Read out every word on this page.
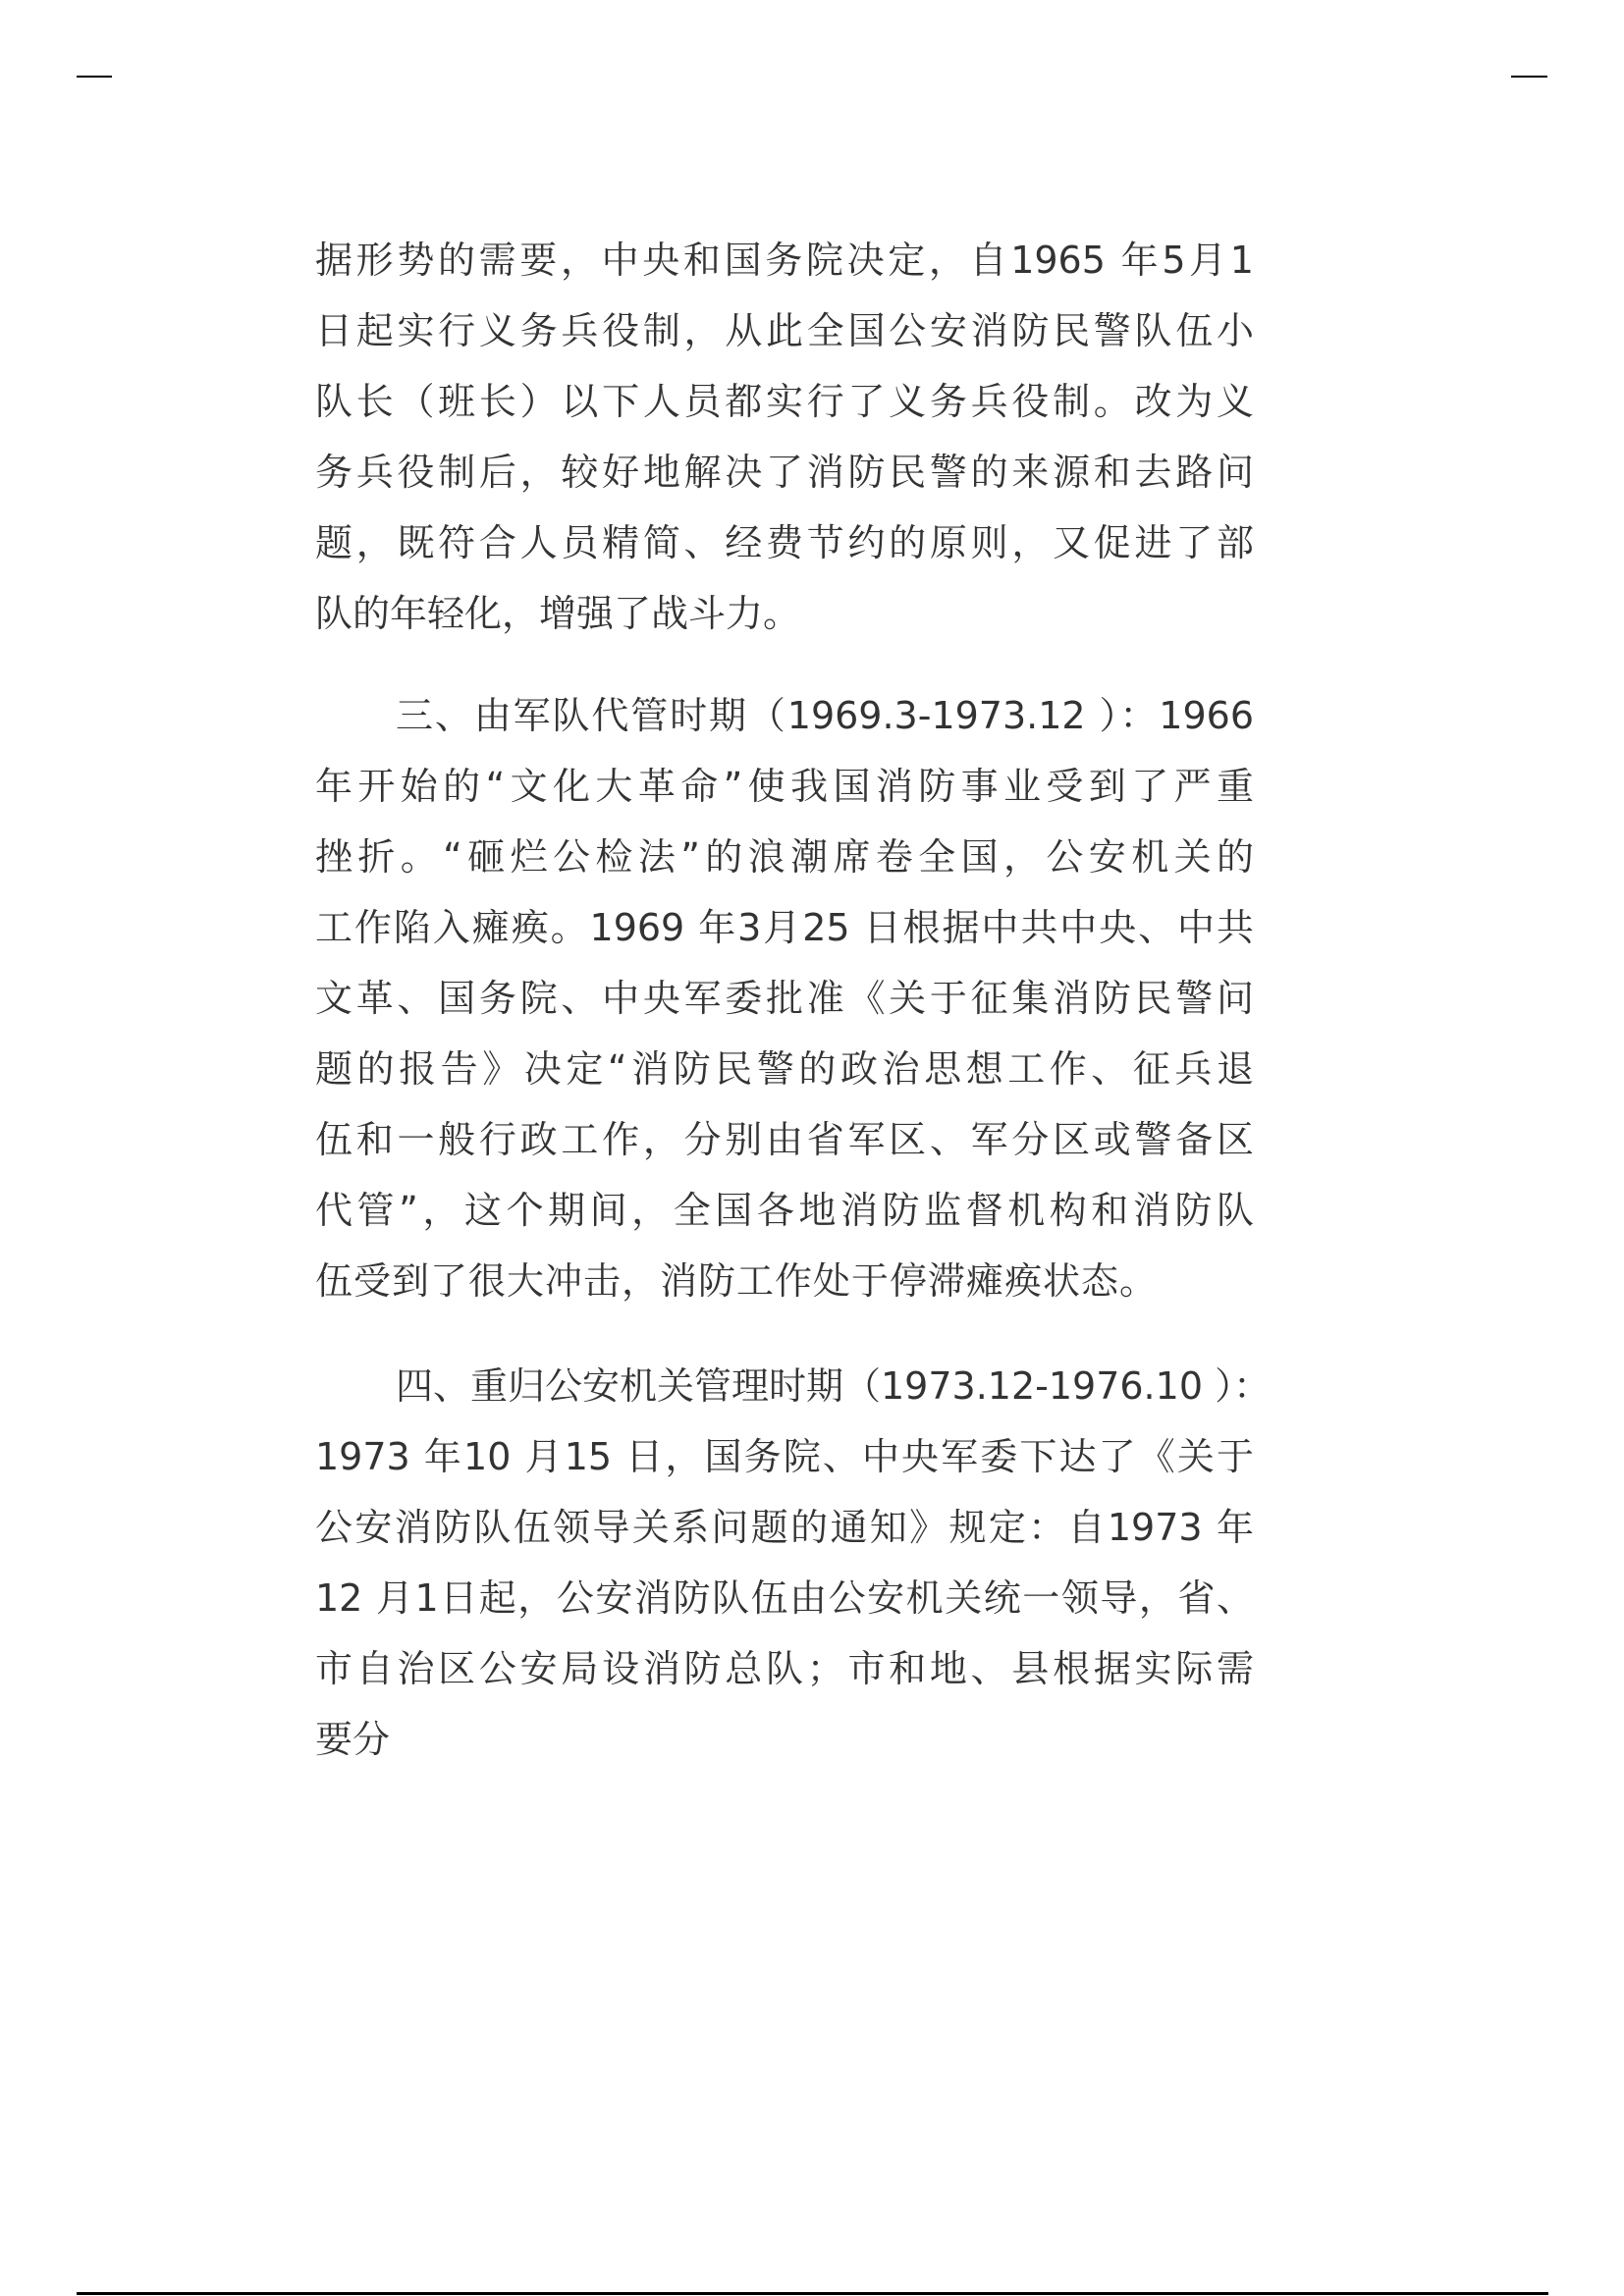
据形势的需要，中央和国务院决定，自1965 年5月1
日起实行义务兵役制，从此全国公安消防民警队伍小
队长（班长）以下人员都实行了义务兵役制。改为义
务兵役制后，较好地解决了消防民警的来源和去路问
题，既符合人员精简、经费节约的原则，又促进了部
队的年轻化，增强了战斗力。
三、由军队代管时期（1969.3-1973.12 ）：1966
年开始的“文化大革命”使我国消防事业受到了严重
挫折。“砸烂公检法”的浪潮席卷全国，公安机关的
工作陷入瘫痪。1969 年3月25 日根据中共中央、中共
文革、国务院、中央军委批准《关于征集消防民警问
题的报告》决定“消防民警的政治思想工作、征兵退
伍和一般行政工作，分别由省军区、军分区或警备区
代管”，这个期间，全国各地消防监督机构和消防队
伍受到了很大冲击，消防工作处于停滞瘫痪状态。
四、重归公安机关管理时期（1973.12-1976.10 ）：
1973 年10 月15 日，国务院、中央军委下达了《关于
公安消防队伍领导关系问题的通知》规定：自1973 年
12 月1日起，公安消防队伍由公安机关统一领导，省、
市自治区公安局设消防总队；市和地、县根据实际需
要分
